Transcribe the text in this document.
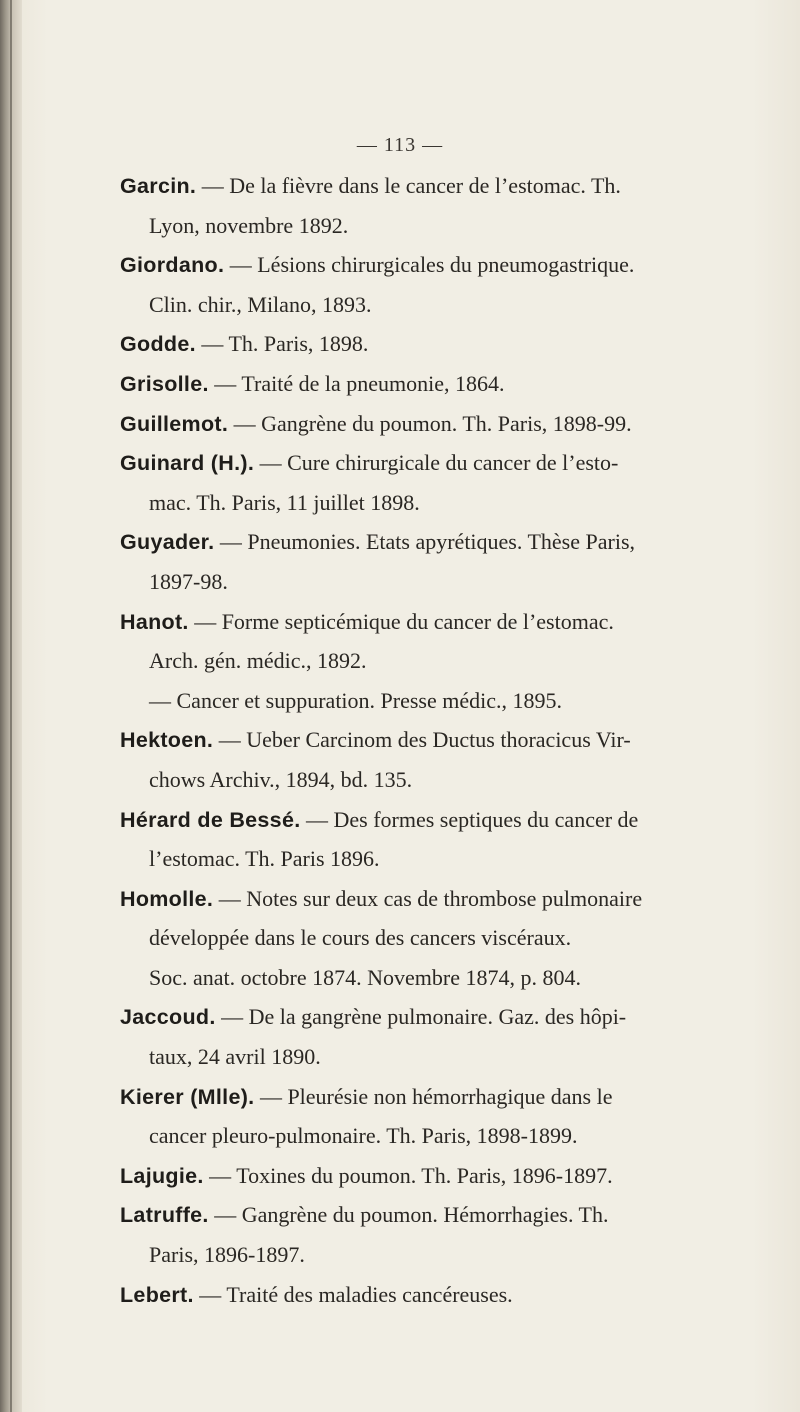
— 113 —
Garcin. — De la fièvre dans le cancer de l’estomac. Th.
Lyon, novembre 1892.
Giordano. — Lésions chirurgicales du pneumogastrique.
Clin. chir., Milano, 1893.
Godde. — Th. Paris, 1898.
Grisolle. — Traité de la pneumonie, 1864.
Guillemot. — Gangrène du poumon. Th. Paris, 1898-99.
Guinard (H.). — Cure chirurgicale du cancer de l’esto-
mac. Th. Paris, 11 juillet 1898.
Guyader. — Pneumonies. Etats apyrétiques. Thèse Paris,
1897-98.
Hanot. — Forme septicémique du cancer de l’estomac.
Arch. gén. médic., 1892.
— Cancer et suppuration. Presse médic., 1895.
Hektoen. — Ueber Carcinom des Ductus thoracicus Vir-
chows Archiv., 1894, bd. 135.
Hérard de Bessé. — Des formes septiques du cancer de
l’estomac. Th. Paris 1896.
Homolle. — Notes sur deux cas de thrombose pulmonaire
développée dans le cours des cancers viscéraux.
Soc. anat. octobre 1874. Novembre 1874, p. 804.
Jaccoud. — De la gangrène pulmonaire. Gaz. des hôpi-
taux, 24 avril 1890.
Kierer (Mlle). — Pleurésie non hémorrhagique dans le
cancer pleuro-pulmonaire. Th. Paris, 1898-1899.
Lajugie. — Toxines du poumon. Th. Paris, 1896-1897.
Latruffe. — Gangrène du poumon. Hémorrhagies. Th.
Paris, 1896-1897.
Lebert. — Traité des maladies cancéreuses.
